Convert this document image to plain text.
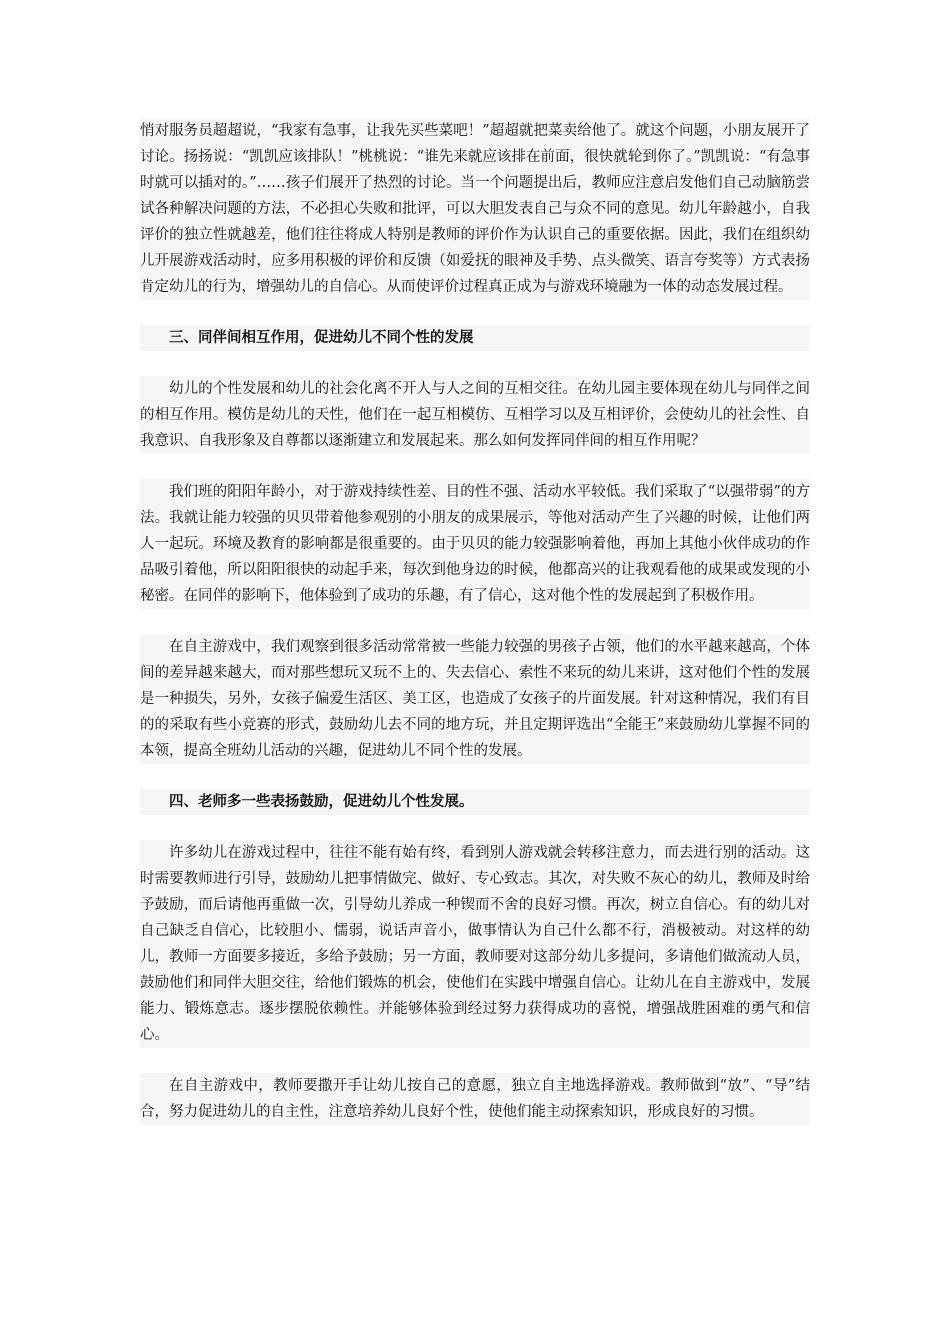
悄对服务员超超说，“我家有急事，让我先买些菜吧！”超超就把菜卖给他了。就这个问题，小朋友展开了讨论。扬扬说：“凯凯应该排队！”桃桃说：“谁先来就应该排在前面，很快就轮到你了。”凯凯说：“有急事时就可以插对的。”……孩子们展开了热烈的讨论。当一个问题提出后，教师应注意启发他们自己动脑筋尝试各种解决问题的方法，不必担心失败和批评，可以大胆发表自己与众不同的意见。幼儿年龄越小，自我评价的独立性就越差，他们往往将成人特别是教师的评价作为认识自己的重要依据。因此，我们在组织幼儿开展游戏活动时，应多用积极的评价和反馈（如爱抚的眼神及手势、点头微笑、语言夸奖等）方式表扬肯定幼儿的行为，增强幼儿的自信心。从而使评价过程真正成为与游戏环境融为一体的动态发展过程。

三、同伴间相互作用，促进幼儿不同个性的发展

幼儿的个性发展和幼儿的社会化离不开人与人之间的互相交往。在幼儿园主要体现在幼儿与同伴之间的相互作用。模仿是幼儿的天性，他们在一起互相模仿、互相学习以及互相评价，会使幼儿的社会性、自我意识、自我形象及自尊都以逐渐建立和发展起来。那么如何发挥同伴间的相互作用呢？

我们班的阳阳年龄小，对于游戏持续性差、目的性不强、活动水平较低。我们采取了“以强带弱”的方法。我就让能力较强的贝贝带着他参观别的小朋友的成果展示，等他对活动产生了兴趣的时候，让他们两人一起玩。环境及教育的影响都是很重要的。由于贝贝的能力较强影响着他，再加上其他小伙伴成功的作品吸引着他，所以阳阳很快的动起手来，每次到他身边的时候，他都高兴的让我观看他的成果或发现的小秘密。在同伴的影响下，他体验到了成功的乐趣，有了信心，这对他个性的发展起到了积极作用。

在自主游戏中，我们观察到很多活动常常被一些能力较强的男孩子占领，他们的水平越来越高，个体间的差异越来越大，而对那些想玩又玩不上的、失去信心、索性不来玩的幼儿来讲，这对他们个性的发展是一种损失，另外，女孩子偏爱生活区、美工区，也造成了女孩子的片面发展。针对这种情况，我们有目的的采取有些小竞赛的形式，鼓励幼儿去不同的地方玩，并且定期评选出“全能王”来鼓励幼儿掌握不同的本领，提高全班幼儿活动的兴趣，促进幼儿不同个性的发展。

四、老师多一些表扬鼓励，促进幼儿个性发展。

许多幼儿在游戏过程中，往往不能有始有终，看到别人游戏就会转移注意力，而去进行别的活动。这时需要教师进行引导，鼓励幼儿把事情做完、做好、专心致志。其次，对失败不灰心的幼儿，教师及时给予鼓励，而后请他再重做一次，引导幼儿养成一种锲而不舍的良好习惯。再次，树立自信心。有的幼儿对自己缺乏自信心，比较胆小、懦弱，说话声音小，做事情认为自己什么都不行，消极被动。对这样的幼儿，教师一方面要多接近，多给予鼓励；另一方面，教师要对这部分幼儿多提问，多请他们做流动人员，鼓励他们和同伴大胆交往，给他们锻炼的机会，使他们在实践中增强自信心。让幼儿在自主游戏中，发展能力、锻炼意志。逐步摆脱依赖性。并能够体验到经过努力获得成功的喜悦，增强战胜困难的勇气和信心。

在自主游戏中，教师要撒开手让幼儿按自己的意愿，独立自主地选择游戏。教师做到“放”、“导”结合，努力促进幼儿的自主性，注意培养幼儿良好个性，使他们能主动探索知识，形成良好的习惯。
